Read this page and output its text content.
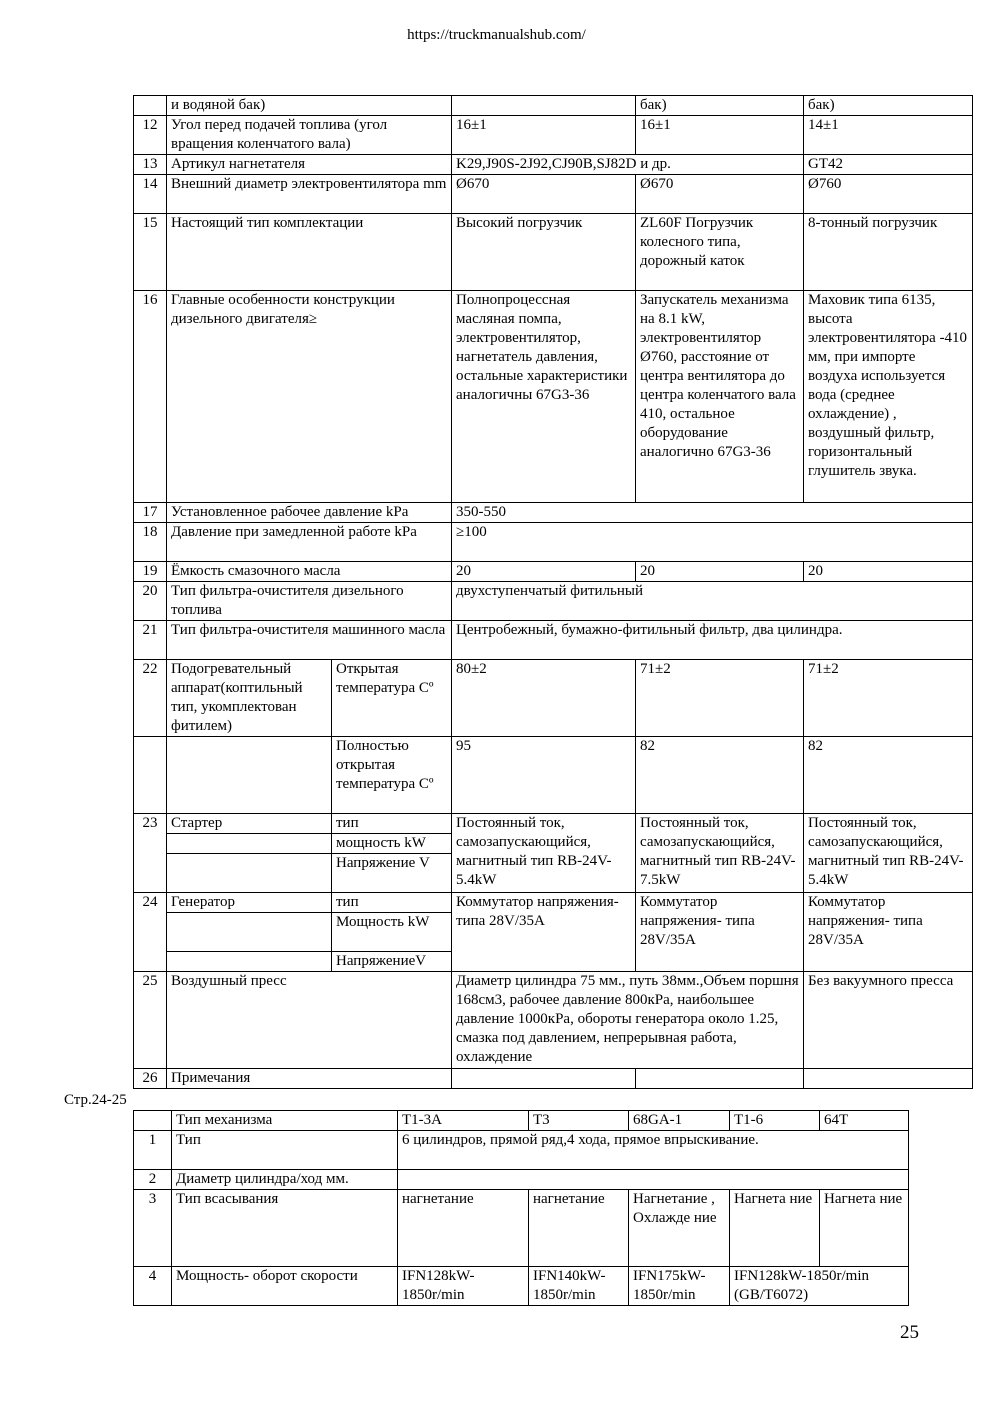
https://truckmanualshub.com/
	и водяной бак)			бак)	бак)
12	Угол перед подачей топлива (угол вращения коленчатого вала)		16±1	16±1	14±1
13	Артикул нагнетателя		K29,J90S-2J92,CJ90B,SJ82D и др.		GT42
14	Внешний диаметр электровентилятора mm		Ø670	Ø670	Ø760
15	Настоящий тип комплектации		Высокий погрузчик	ZL60F Погрузчик колесного типа, дорожный каток	8-тонный погрузчик
16	Главные особенности конструкции дизельного двигателя≥		Полнопроцессная масляная помпа, электровентилятор, нагнетатель давления, остальные характеристики аналогичны 67G3-36	Запускатель механизма на 8.1 kW, электровентилятор Ø760, расстояние от центра вентилятора до центра коленчатого вала 410, остальное оборудование аналогично 67G3-36	Маховик типа 6135, высота электровентилятора -410 мм, при импорте воздуха используется вода (среднее охлаждение) , воздушный фильтр, горизонтальный глушитель звука.
17	Установленное рабочее давление kPa		350-550		
18	Давление при замедленной работе kPa		≥100		
19	Ёмкость смазочного масла		20	20	20
20	Тип фильтра-очистителя дизельного топлива		двухступенчатый фитильный		
21	Тип фильтра-очистителя машинного масла		Центробежный, бумажно-фитильный фильтр, два цилиндра.		
22	Подогревательный аппарат(коптильный тип, укомплектован фитилем)	Открытая температура Сº	80±2	71±2	71±2
		Полностью открытая температура Сº	95	82	82
23	Стартер	тип	Постоянный ток, самозапускающийся, магнитный тип RB-24V-5.4kW	Постоянный ток, самозапускающийся, магнитный тип RB-24V-7.5kW	Постоянный ток, самозапускающийся, магнитный тип RB-24V-5.4kW
		мощность kW			
		Напряжение V			
24	Генератор	тип	Коммутатор напряжения- типа 28V/35A	Коммутатор напряжения- типа 28V/35A	Коммутатор напряжения- типа 28V/35A
		Мощность kW			
		НапряжениеV			
25	Воздушный пресс		Диаметр цилиндра 75 мм., путь 38мм.,Объем поршня 168см3, рабочее давление 800кРа, наибольшее давление 1000кРа, обороты генератора около 1.25, смазка под давлением, непрерывная работа, охлаждение		Без вакуумного пресса
26	Примечания				
Стр.24-25
	Тип механизма	Т1-3А	Т3	68GA-1	Т1-6	64Т
1	Тип	6 цилиндров, прямой ряд,4 хода, прямое впрыскивание.				
2	Диаметр цилиндра/ход мм.					
3	Тип всасывания	нагнетание	нагнетание	Нагнетание , Охлажде ние	Нагнета ние	Нагнета ние
4	Мощность- оборот скорости	IFN128kW-1850r/min	IFN140kW-1850r/min	IFN175kW-1850r/min	IFN128kW-1850r/min (GB/T6072)	
25
